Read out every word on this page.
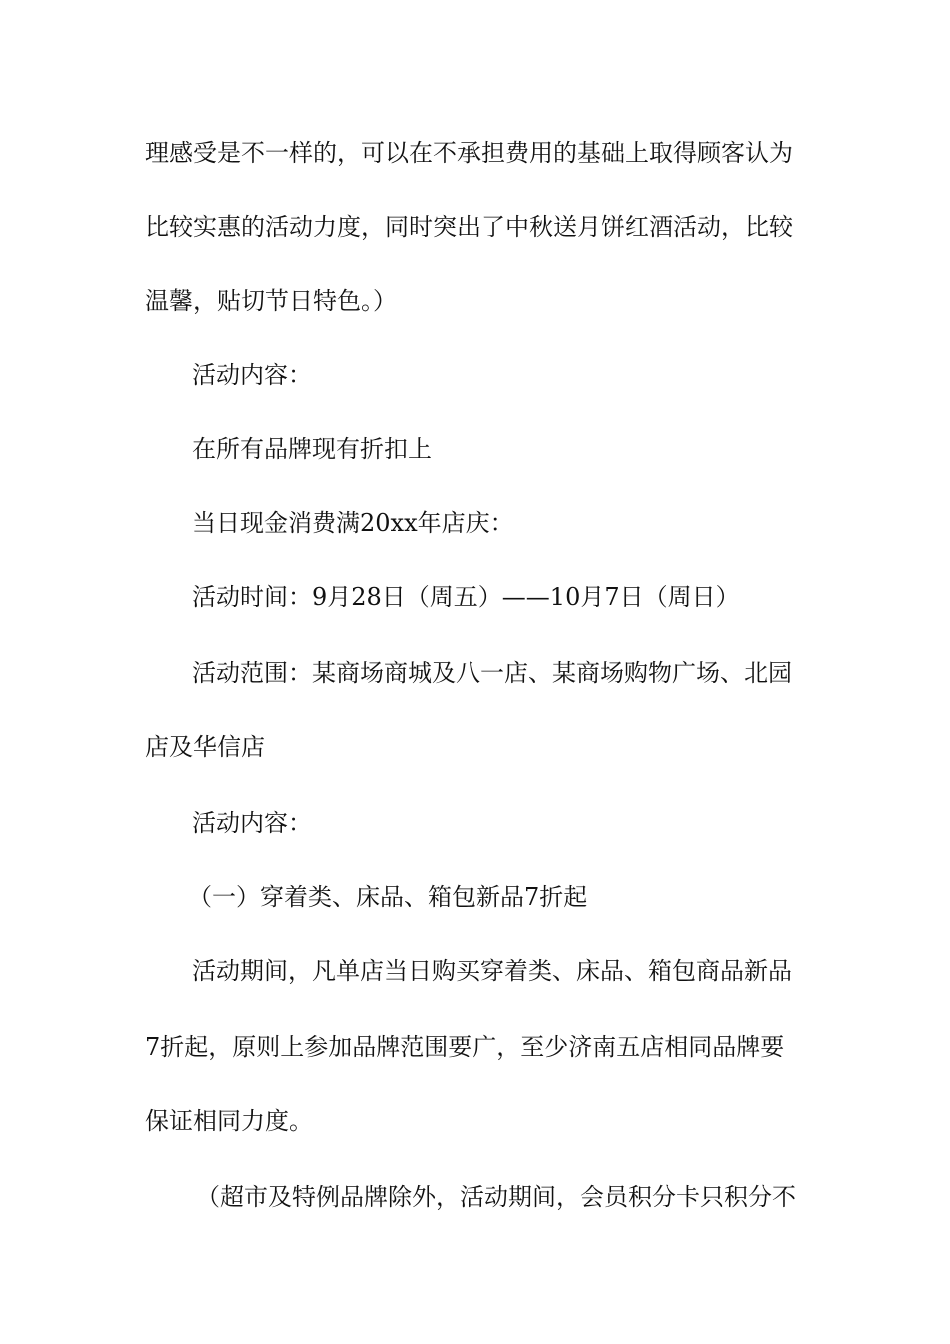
理感受是不一样的，可以在不承担费用的基础上取得顾客认为

比较实惠的活动力度，同时突出了中秋送月饼红酒活动，比较

温馨，贴切节日特色。）

活动内容：

在所有品牌现有折扣上

当日现金消费满20xx年店庆：

活动时间：9月28日（周五）——10月7日（周日）

活动范围：某商场商城及八一店、某商场购物广场、北园

店及华信店

活动内容：

（一）穿着类、床品、箱包新品7折起

活动期间，凡单店当日购买穿着类、床品、箱包商品新品

7折起，原则上参加品牌范围要广，至少济南五店相同品牌要

保证相同力度。

（超市及特例品牌除外，活动期间，会员积分卡只积分不
